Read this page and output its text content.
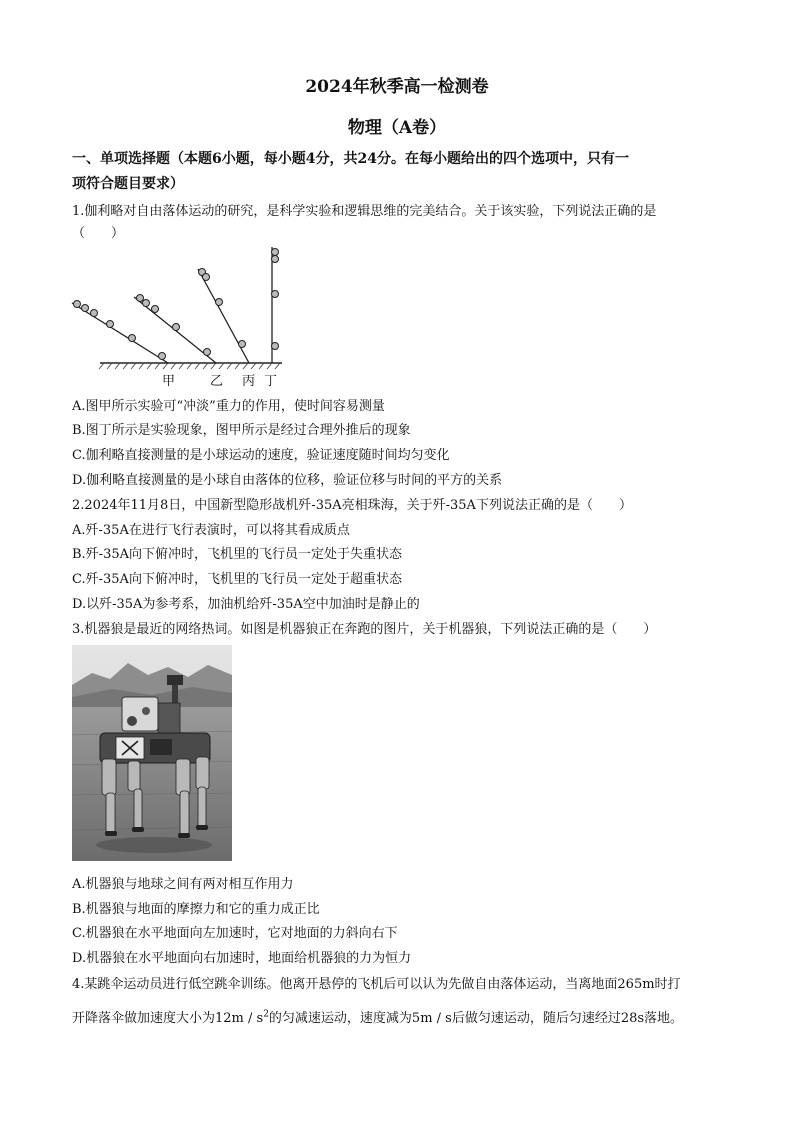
2024年秋季高一检测卷
物理（A卷）
一、单项选择题（本题6小题，每小题4分，共24分。在每小题给出的四个选项中，只有一
项符合题目要求）
1.伽利略对自由落体运动的研究，是科学实验和逻辑思维的完美结合。关于该实验，下列说法正确的是
（　　）
甲	乙 丙 丁
A.图甲所示实验可“冲淡”重力的作用，使时间容易测量
B.图丁所示是实验现象，图甲所示是经过合理外推后的现象
C.伽利略直接测量的是小球运动的速度，验证速度随时间均匀变化
D.伽利略直接测量的是小球自由落体的位移，验证位移与时间的平方的关系
2.2024年11月8日，中国新型隐形战机歼-35A亮相珠海，关于歼-35A下列说法正确的是（　　）
A.歼-35A在进行飞行表演时，可以将其看成质点
B.歼-35A向下俯冲时，飞机里的飞行员一定处于失重状态
C.歼-35A向下俯冲时，飞机里的飞行员一定处于超重状态
D.以歼-35A为参考系，加油机给歼-35A空中加油时是静止的
3.机器狼是最近的网络热词。如图是机器狼正在奔跑的图片，关于机器狼，下列说法正确的是（　　）
A.机器狼与地球之间有两对相互作用力
B.机器狼与地面的摩擦力和它的重力成正比
C.机器狼在水平地面向左加速时，它对地面的力斜向右下
D.机器狼在水平地面向右加速时，地面给机器狼的力为恒力
4.某跳伞运动员进行低空跳伞训练。他离开悬停的飞机后可以认为先做自由落体运动，当离地面265m时打
开降落伞做加速度大小为$12m / s^2$的匀减速运动，速度减为5m / s后做匀速运动，随后匀速经过28s落地。
